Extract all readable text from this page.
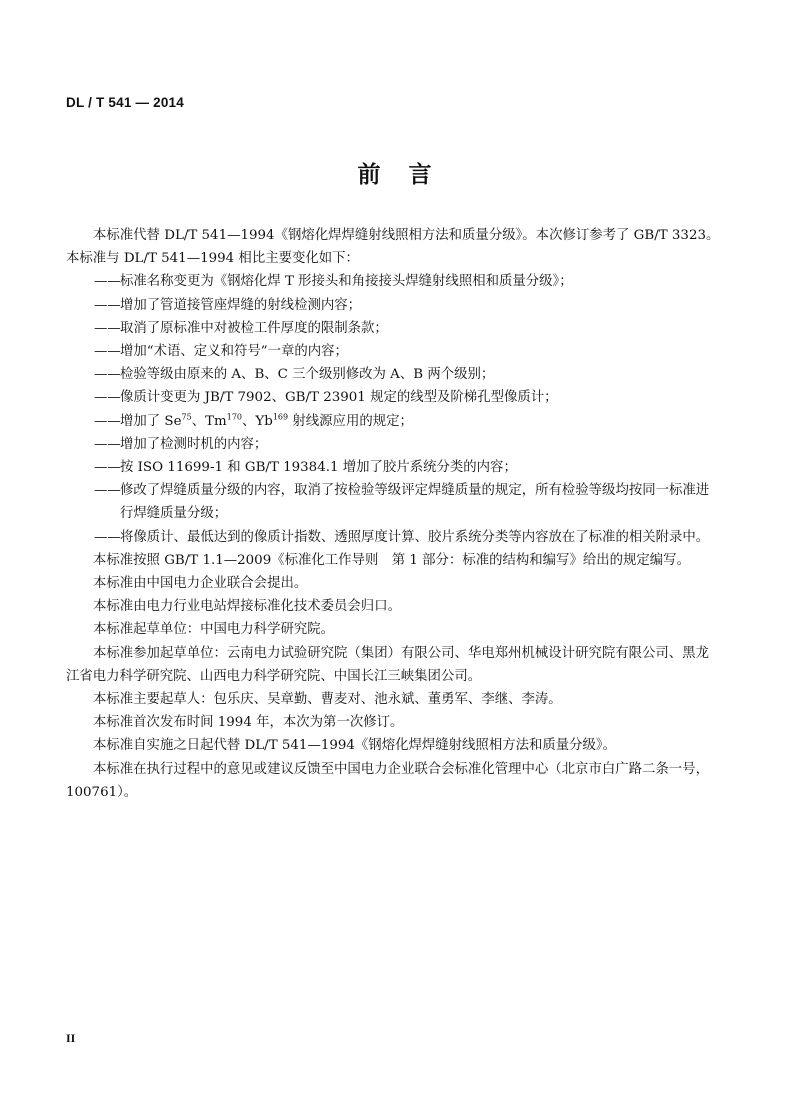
DL / T 541 — 2014
前言

本标准代替 DL/T 541—1994《钢熔化焊焊缝射线照相方法和质量分级》。本次修订参考了 GB/T 3323。

本标准与 DL/T 541—1994 相比主要变化如下：

——标准名称变更为《钢熔化焊 T 形接头和角接接头焊缝射线照相和质量分级》；

——增加了管道接管座焊缝的射线检测内容；

——取消了原标准中对被检工件厚度的限制条款；

——增加“术语、定义和符号”一章的内容；

——检验等级由原来的 A、B、C 三个级别修改为 A、B 两个级别；

——像质计变更为 JB/T 7902、GB/T 23901 规定的线型及阶梯孔型像质计；

——增加了 Se$^{75}$、Tm$^{170}$、Yb$^{169}$ 射线源应用的规定；

——增加了检测时机的内容；

——按 ISO 11699-1 和 GB/T 19384.1 增加了胶片系统分类的内容；

——修改了焊缝质量分级的内容，取消了按检验等级评定焊缝质量的规定，所有检验等级均按同一标准进行焊缝质量分级；

——将像质计、最低达到的像质计指数、透照厚度计算、胶片系统分类等内容放在了标准的相关附录中。

本标准按照 GB/T 1.1—2009《标准化工作导则　第 1 部分：标准的结构和编写》给出的规定编写。

本标准由中国电力企业联合会提出。

本标准由电力行业电站焊接标准化技术委员会归口。

本标准起草单位：中国电力科学研究院。

本标准参加起草单位：云南电力试验研究院（集团）有限公司、华电郑州机械设计研究院有限公司、黑龙江省电力科学研究院、山西电力科学研究院、中国长江三峡集团公司。

本标准主要起草人：包乐庆、吴章勤、曹麦对、池永斌、董勇军、李继、李涛。

本标准首次发布时间 1994 年，本次为第一次修订。

本标准自实施之日起代替 DL/T 541—1994《钢熔化焊焊缝射线照相方法和质量分级》。

本标准在执行过程中的意见或建议反馈至中国电力企业联合会标准化管理中心（北京市白广路二条一号，100761）。

II
